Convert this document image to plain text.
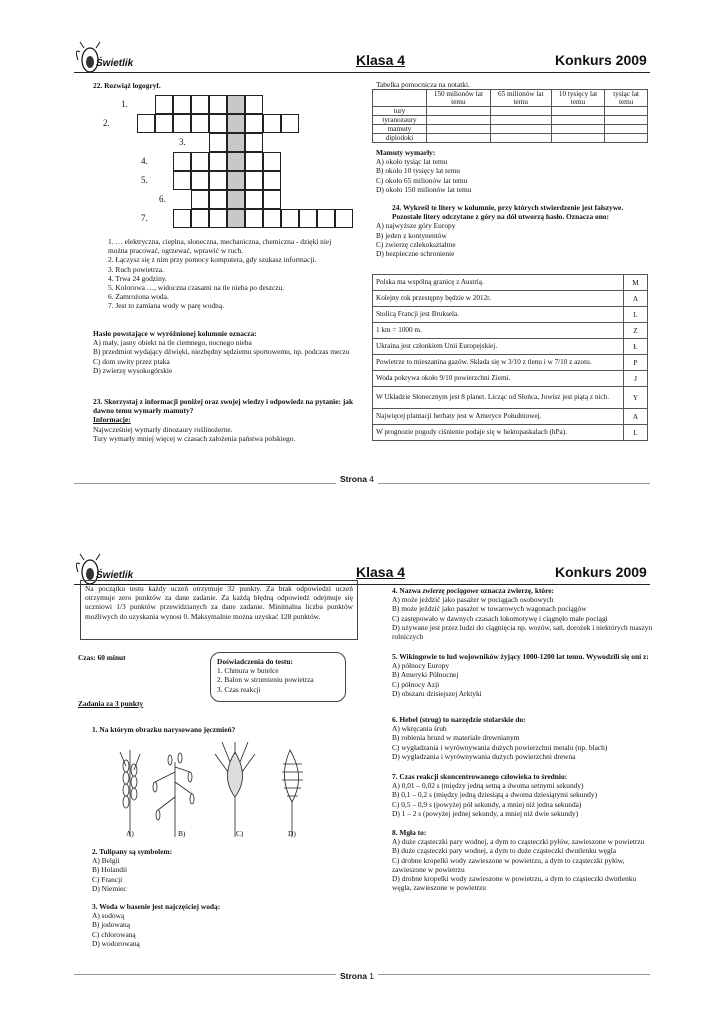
Świetlik	Klasa 4	Konkurs 2009
22. Rozwiąż logogryf.
1.
2.
3.
4.
5.
6.
7.
1. … elektryczna, cieplna, słoneczna, mechaniczna, chemiczna - dzięki niej można pracować, ogrzewać, wprawić w ruch.
2. Łączysz się z nim przy pomocy komputera, gdy szukasz informacji.
3. Ruch powietrza.
4. Trwa 24 godziny.
5. Kolorowa …, widoczna czasami na tle nieba po deszczu.
6. Zamrożona woda.
7. Jest to zamiana wody w parę wodną.
Hasło powstające w wyróżnionej kolumnie oznacza:
A) mały, jasny obiekt na tle ciemnego, nocnego nieba
B) przedmiot wydający dźwięki, niezbędny sędziemu sportowemu, np. podczas meczu
C) dom uwity przez ptaka
D) zwierzę wysokogórskie
23. Skorzystaj z informacji poniżej oraz swojej wiedzy i odpowiedz na pytanie: jak dawno temu wymarły mamuty?
Informacje:
Najwcześniej wymarły dinozaury roślinożerne.
Tury wymarły mniej więcej w czasach założenia państwa polskiego.
Tabelka pomocnicza na notatki.
	150 milionów lat temu	65 milionów lat temu	10 tysięcy lat temu	tysiąc lat temu
tury				
tyranozaury				
mamuty				
diplodoki				
Mamuty wymarły:
A) około tysiąc lat temu
B) około 10 tysięcy lat temu
C) około 65 milionów lat temu
D) około 150 milionów lat temu
24. Wykreśl te litery w kolumnie, przy których stwierdzenie jest fałszywe. Pozostałe litery odczytane z góry na dół utworzą hasło. Oznacza ono:
A) najwyższe góry Europy
B) jeden z kontynentów
C) zwierzę człekokształtne
D) bezpieczne schronienie
Polska ma wspólną granicę z Austrią.	M
Kolejny rok przestępny będzie w 2012r.	A
Stolicą Francji jest Bruksela.	L
1 km = 1000 m.	Z
Ukraina jest członkiem Unii Europejskiej.	Ł
Powietrze to mieszanina gazów. Składa się w 3/10 z tlenu i w 7/10 z azotu.	P
Woda pokrywa około 9/10 powierzchni Ziemi.	J
W Układzie Słonecznym jest 8 planet. Licząc od Słońca, Jowisz jest piątą z nich.	Y
Najwięcej plantacji herbaty jest w Ameryce Południowej.	A
W prognozie pogody ciśnienie podaje się w hektopaskalach (hPa).	L
Strona 4
Świetlik	Klasa 4	Konkurs 2009
Na początku testu każdy uczeń otrzymuje 32 punkty. Za brak odpowiedzi uczeń otrzymuje zero punktów za dane zadanie. Za każdą błędną odpowiedź odejmuje się uczniowi 1/3 punktów przewidzianych za dane zadanie. Minimalna liczba punktów możliwych do uzyskania wynosi 0. Maksymalnie można uzyskać 128 punktów.
Czas: 60 minut	Doświadczenia do testu:
1. Chmura w butelce
2. Balon w strumieniu powietrza
3. Czas reakcji
Zadania za 3 punkty
1. Na którym obrazku narysowano jęczmień?
A)	B)	C)	D)
2. Tulipany są symbolem:
A) Belgii
B) Holandii
C) Francji
D) Niemiec
3. Woda w basenie jest najczęściej wodą:
A) sodową
B) jodowaną
C) chlorowaną
D) wodorowaną
4. Nazwa zwierzę pociągowe oznacza zwierzę, które:
A) może jeździć jako pasażer w pociągach osobowych
B) może jeździć jako pasażer w towarowych wagonach pociągów
C) zastępowało w dawnych czasach lokomotywę i ciągnęło małe pociągi
D) używane jest przez ludzi do ciągnięcia np. wozów, sań, dorożek i niektórych maszyn rolniczych
5. Wikingowie to lud wojowników żyjący 1000-1200 lat temu. Wywodzili się oni z:
A) północy Europy
B) Ameryki Północnej
C) północy Azji
D) obszaru dzisiejszej Arktyki
6. Hebel (strug) to narzędzie stolarskie do:
A) wkręcania śrub
B) robienia bruzd w materiale drewnianym
C) wygładzania i wyrównywania dużych powierzchni metalu (np. blach)
D) wygładzania i wyrównywania dużych powierzchni drewna
7. Czas reakcji skoncentrowanego człowieka to średnio:
A) 0,01 – 0,02 s (między jedną setną a dwoma setnymi sekundy)
B) 0,1 – 0,2 s (między jedną dziesiątą a dwoma dziesiątymi sekundy)
C) 0,5 – 0,9 s (powyżej pół sekundy, a mniej niż jedna sekunda)
D) 1 – 2 s (powyżej jednej sekundy, a mniej niż dwie sekundy)
8. Mgła to:
A) duże cząsteczki pary wodnej, a dym to cząsteczki pyłów, zawieszone w powietrzu
B) duże cząsteczki pary wodnej, a dym to duże cząsteczki dwutlenku węgla
C) drobne kropelki wody zawieszone w powietrzu, a dym to cząsteczki pyłów, zawieszone w powietrzu
D) drobne kropelki wody zawieszone w powietrzu, a dym to cząsteczki dwutlenku węgla, zawieszone w powietrzu
Strona 1
